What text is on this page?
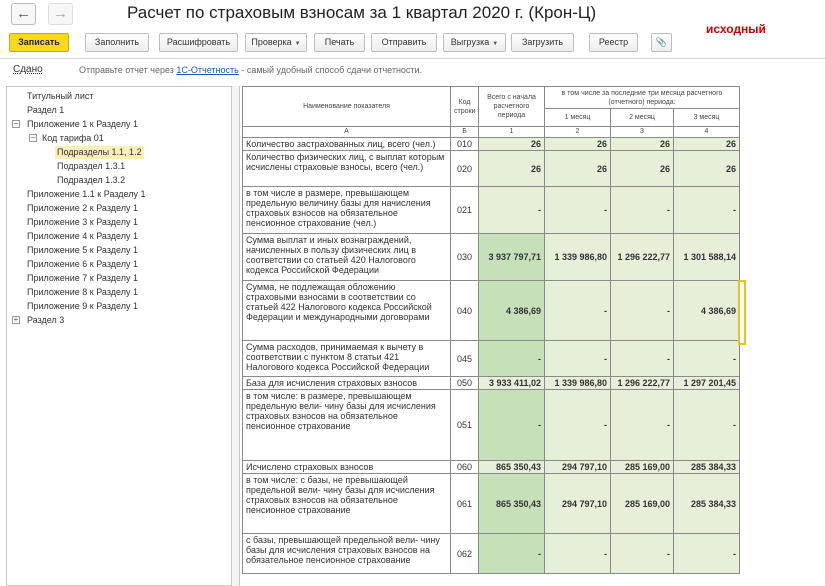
←	→	Расчет по страховым взносам за 1 квартал 2020 г. (Крон-Ц)
исходный
Записать	Заполнить	Расшифровать	Проверка ▼	Печать	Отправить	Выгрузка ▼	Загрузить	Реестр	📎
Сдано	Отправьте отчет через 1С-Отчетность - самый удобный способ сдачи отчетности.
Титульный лист
Раздел 1
− Приложение 1 к Разделу 1
− Код тарифа 01
Подразделы 1.1, 1.2
Подраздел 1.3.1
Подраздел 1.3.2
Приложение 1.1 к Разделу 1
Приложение 2 к Разделу 1
Приложение 3 к Разделу 1
Приложение 4 к Разделу 1
Приложение 5 к Разделу 1
Приложение 6 к Разделу 1
Приложение 7 к Разделу 1
Приложение 8 к Разделу 1
Приложение 9 к Разделу 1
+ Раздел 3
Наименование показателя	Код строки	Всего с начала расчетного периода	в том числе за последние три месяца расчетного (отчетного) периода:		
			1 месяц	2 месяц	3 месяц
А	Б	1	2	3	4
Количество застрахованных лиц, всего (чел.)	010	26	26	26	26
Количество физических лиц, с выплат которым исчислены страховые взносы, всего (чел.)	020	26	26	26	26
в том числе в размере, превышающем предельную величину базы для начисления страховых взносов на обязательное пенсионное страхование (чел.)	021	-	-	-	-
Сумма выплат и иных вознаграждений, начисленных в пользу физических лиц в соответствии со статьей 420 Налогового кодекса Российской Федерации	030	3 937 797,71	1 339 986,80	1 296 222,77	1 301 588,14
Сумма, не подлежащая обложению страховыми взносами в соответствии со статьей 422 Налогового кодекса Российской Федерации и международными договорами	040	4 386,69	-	-	4 386,69
Сумма расходов, принимаемая к вычету в соответствии с пунктом 8 статьи 421 Налогового кодекса Российской Федерации	045	-	-	-	-
База для исчисления страховых взносов	050	3 933 411,02	1 339 986,80	1 296 222,77	1 297 201,45
в том числе: в размере, превышающем предельную вели- чину базы для исчисления страховых взносов на обязательное пенсионное страхование	051	-	-	-	-
Исчислено страховых взносов	060	865 350,43	294 797,10	285 169,00	285 384,33
в том числе: с базы, не превышающей предельной вели- чину базы для исчисления страховых взносов на обязательное пенсионное страхование	061	865 350,43	294 797,10	285 169,00	285 384,33
с базы, превышающей предельной вели- чину базы для исчисления страховых взносов на обязательное пенсионное страхование	062	-	-	-	-
